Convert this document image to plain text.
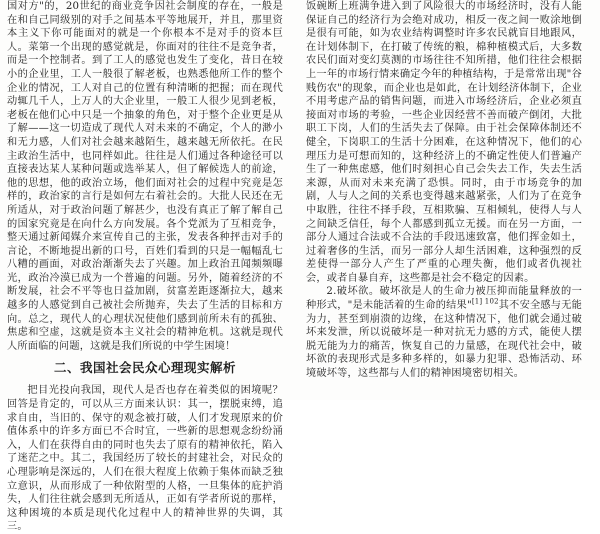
国对方"的，20世纪的商业竞争因社会制度的存在，一般是在和自己同级别的对手之间基本平等地展开，并且，那里资本主义下你可能面对的就是一个你根本不是对手的资本巨人。菜第一个出现的感觉就是，你面对的往往不是竞争者，而是一个控制者。到了工人的感觉也发生了变化，昔日在较小的企业里，工人一般很了解老板，也熟悉他所工作的整个企业的情况，工人对自己的位置有种清晰的把握；而在现代动辄几千人，上万人的大企业里，一般工人很少见到老板，老板在他们心中只是一个抽象的角色，对于整个企业更是从了解——这一切造成了现代人对未来的不确定，个人的渺小和无力感，人们对社会越来越陌生，越来越无所依托。在民主政治生活中，也同样如此。往往是人们通过各种途径可以直接表达某人某种问题或选举某人，但了解候选人的前途，他的思想，他的政治立场，他们面对社会的过程中究竟是怎样的，政治家的言行是如何左右着社会的。大批人民还在无所适从，对于政治问题了解甚少，也没有真正了解了解自己的国家究竟是在向什么方向发展。各个党派为了互相竞争，整天通过新闻媒介来宣传自己的主张，发表各种抨击对手的言论，不断地提出新的口号，百姓们看到的只是一幅幅乱七八糟的画面，对政治渐渐失去了兴趣。加上政治丑闻频频曝光，政治冷漠已成为一个普遍的问题。另外，随着经济的不断发展，社会不平等也日益加剧，贫富差距逐渐拉大，越来越多的人感觉到自己被社会所抛弃，失去了生活的目标和方向。总之，现代人的心理状况使他们感到前所未有的孤独、焦虑和空虚，这就是资本主义社会的精神危机。这就是现代人所面临的问题，这就是我们所说的中学生困境！

二、我国社会民众心理现实解析

把目光投向我国，现代人是否也存在着类似的困境呢？回答是肯定的，可以从三方面来认识：其一，摆脱束缚，追求自由，当旧的、保守的观念被打破，人们才发现原来的价值体系中的许多方面已不合时宜，一些新的思想观念纷纷涌入，人们在获得自由的同时也失去了原有的精神依托，陷入了迷茫之中。其二，我国经历了较长的封建社会，对民众的心理影响是深远的，人们在很大程度上依赖于集体而缺乏独立意识，从而形成了一种依附型的人格，一旦集体的庇护消失，人们往往就会感到无所适从，正如有学者所说的那样，这种困境的本质是现代化过程中人的精神世界的失调，其三。

饭碗断上班满争进入到了风险很大的市场经济时，没有人能保证自己的经济行为会绝对成功，相反一夜之间一败涂地倒是很有可能，如为农业结构调整时许多农民就盲目地跟风，在计划体制下，在打破了传统的粮，棉种植模式后，大多数农民们面对变幻莫测的市场往往不知所措，他们往往会根据上一年的市场行情来确定今年的种植结构，于是常常出现"谷贱伤农"的现象，而企业也是如此，在计划经济体制下，企业不用考虑产品的销售问题，而进入市场经济后，企业必须直接面对市场的考验，一些企业因经营不善而破产倒闭，大批职工下岗，人们的生活失去了保障。由于社会保障体制还不健全，下岗职工的生活十分困难，在这种情况下，他们的心理压力是可想而知的，这种经济上的不确定性使人们普遍产生了一种焦虑感，他们时刻担心自己会失去工作，失去生活来源，从而对未来充满了恐惧。同时，由于市场竞争的加剧，人与人之间的关系也变得越来越紧张，人们为了在竞争中取胜，往往不择手段，互相欺骗、互相倾轧，使得人与人之间缺乏信任，每个人都感到孤立无援。而在另一方面，一部分人通过合法或不合法的手段迅速致富，他们挥金如土，过着奢侈的生活，而另一部分人却生活困难，这种强烈的反差使得一部分人产生了严重的心理失衡，他们或者仇视社会，或者自暴自弃，这些都是社会不稳定的因素。

2.破坏欲。破坏欲是人的生命力被压抑而能量释放的一种形式，"是未能活着的生命的结果"$^{[1] 102}$其不安全感与无能为力，甚至到崩溃的边缘，在这种情况下，他们就会通过破坏来发泄，所以说破坏是一种对抗无力感的方式，能使人摆脱无能为力的痛苦，恢复自己的力量感，在现代社会中，破坏欲的表现形式是多种多样的，如暴力犯罪、恐怖活动、环境破坏等，这些都与人们的精神困境密切相关。
